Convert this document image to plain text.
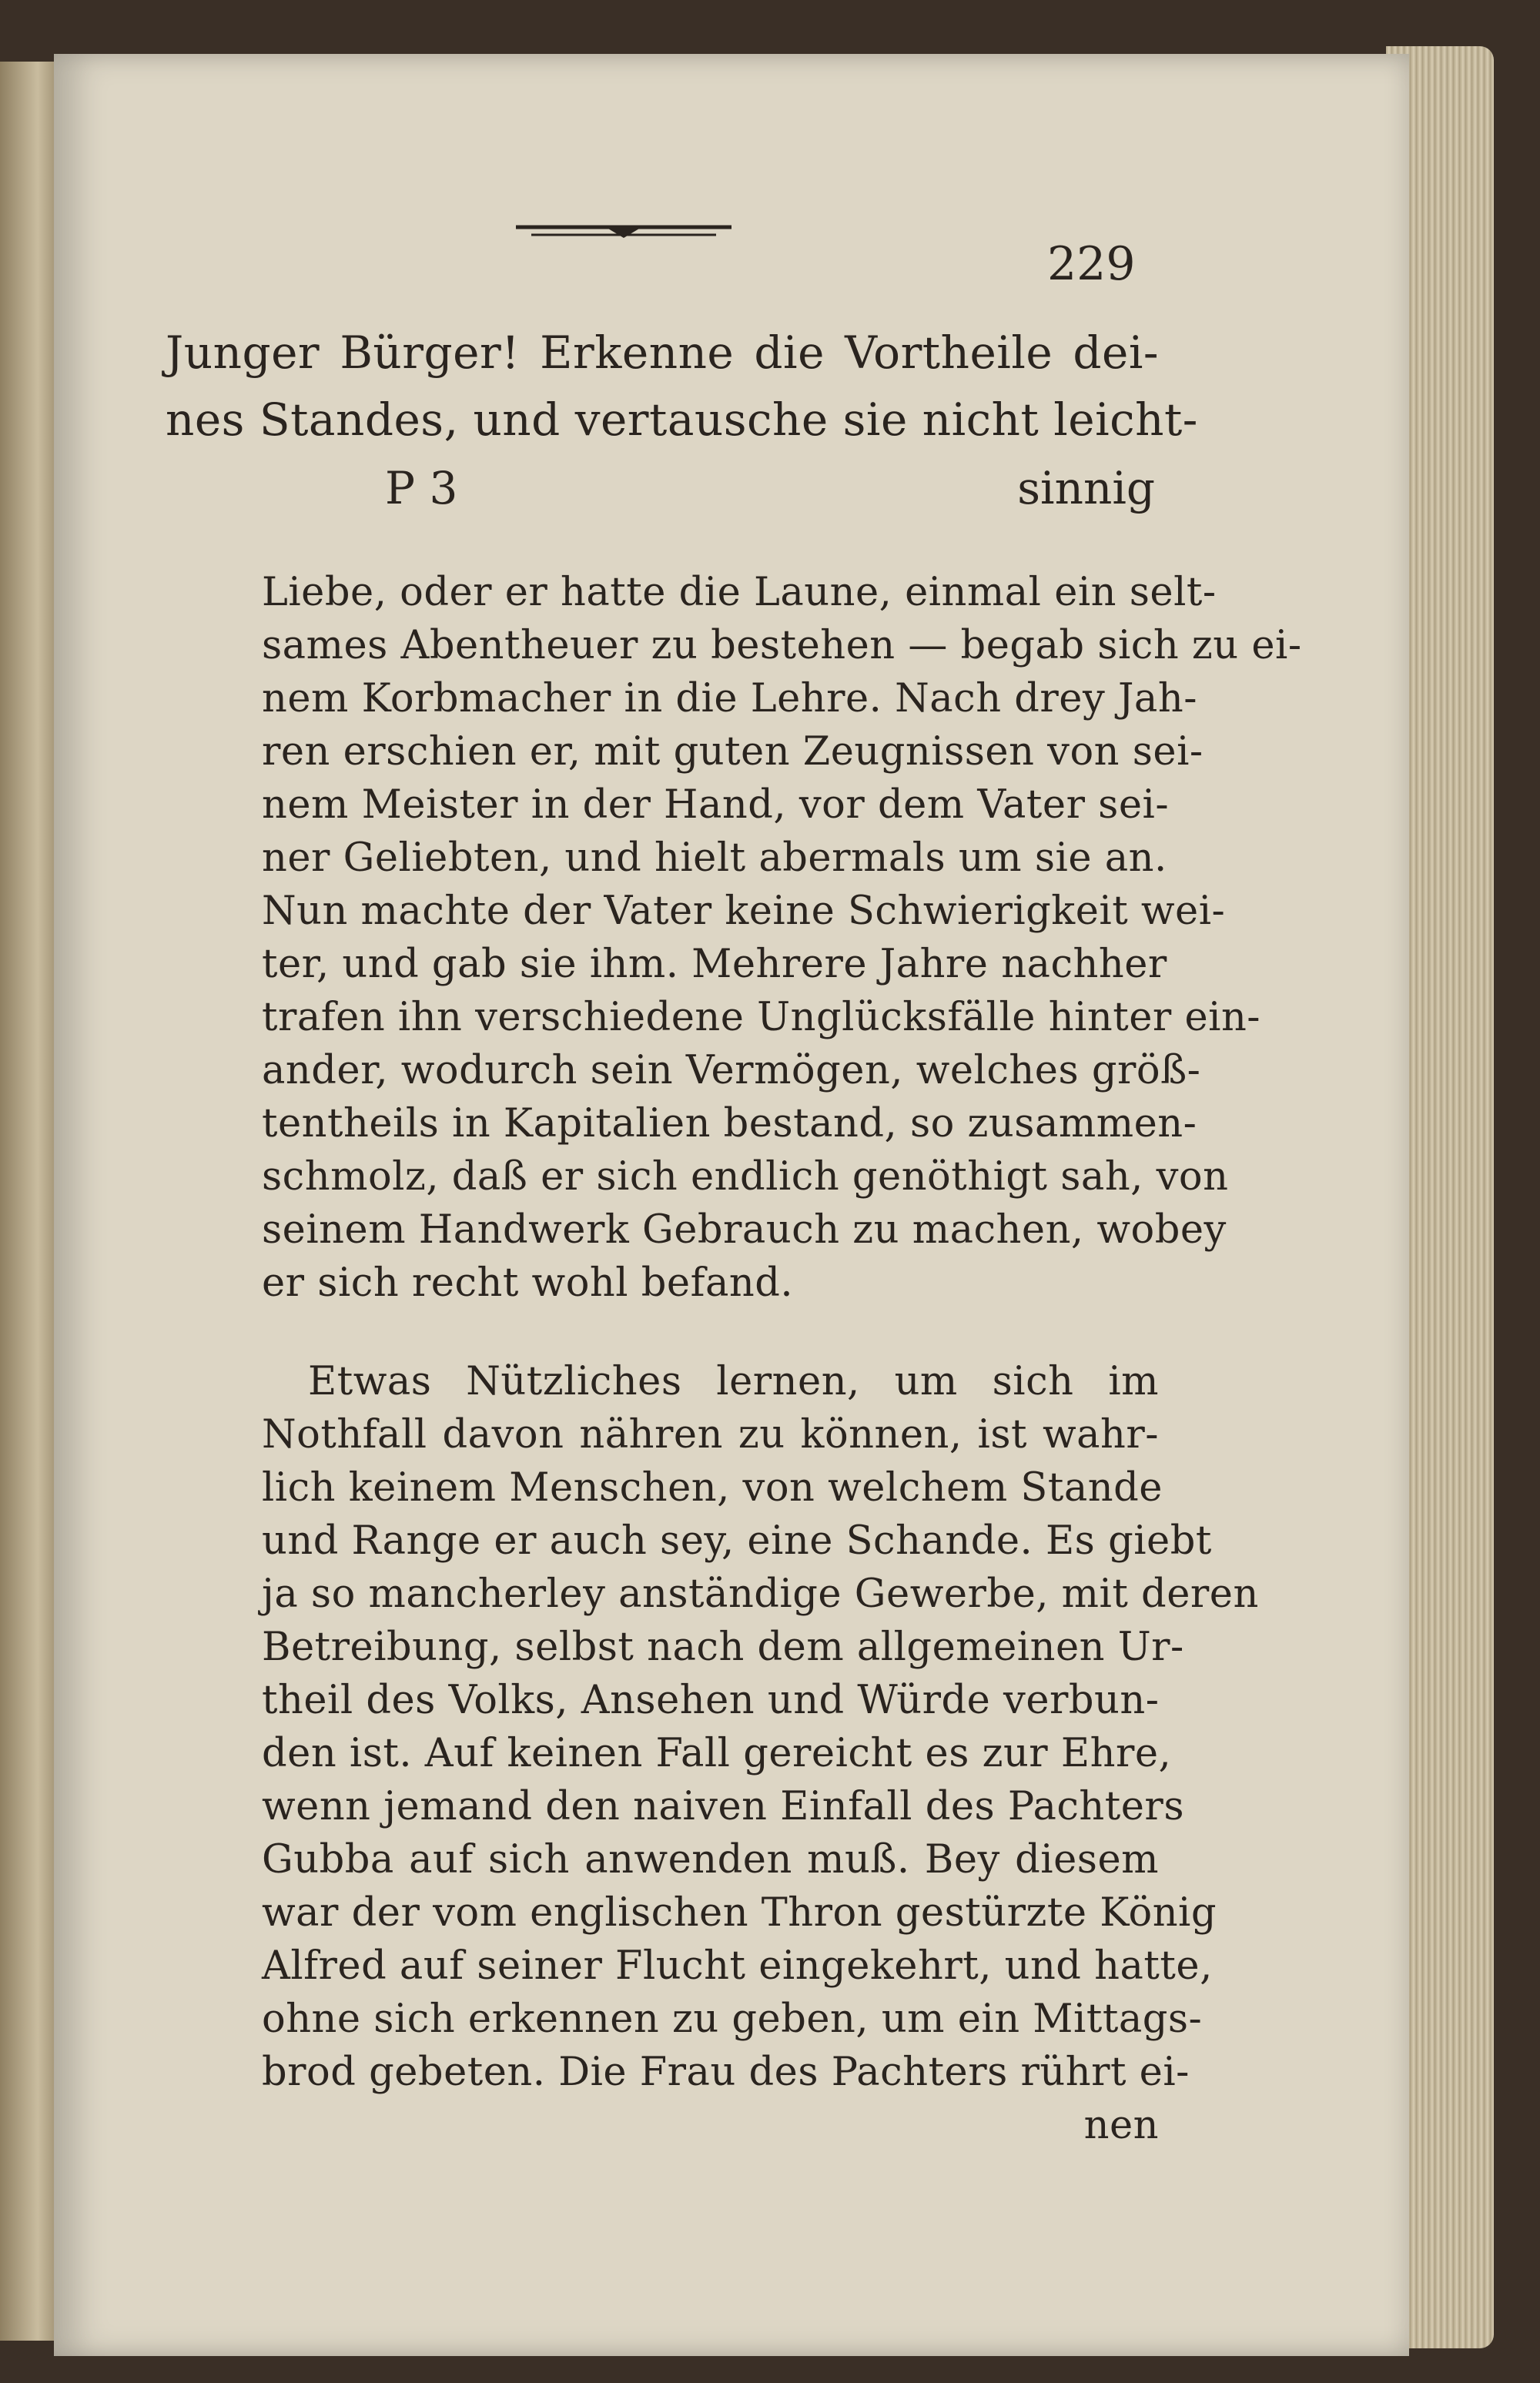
229
Junger Bürger! Erkenne die Vortheile dei-
nes Standes, und vertausche sie nicht leicht-
P 3	sinnig
Liebe, oder er hatte die Laune, einmal ein selt-
sames Abentheuer zu bestehen — begab sich zu ei-
nem Korbmacher in die Lehre. Nach drey Jah-
ren erschien er, mit guten Zeugnissen von sei-
nem Meister in der Hand, vor dem Vater sei-
ner Geliebten, und hielt abermals um sie an.
Nun machte der Vater keine Schwierigkeit wei-
ter, und gab sie ihm. Mehrere Jahre nachher
trafen ihn verschiedene Unglücksfälle hinter ein-
ander, wodurch sein Vermögen, welches größ-
tentheils in Kapitalien bestand, so zusammen-
schmolz, daß er sich endlich genöthigt sah, von
seinem Handwerk Gebrauch zu machen, wobey
er sich recht wohl befand.
Etwas Nützliches lernen, um sich im
Nothfall davon nähren zu können, ist wahr-
lich keinem Menschen, von welchem Stande
und Range er auch sey, eine Schande. Es giebt
ja so mancherley anständige Gewerbe, mit deren
Betreibung, selbst nach dem allgemeinen Ur-
theil des Volks, Ansehen und Würde verbun-
den ist. Auf keinen Fall gereicht es zur Ehre,
wenn jemand den naiven Einfall des Pachters
Gubba auf sich anwenden muß. Bey diesem
war der vom englischen Thron gestürzte König
Alfred auf seiner Flucht eingekehrt, und hatte,
ohne sich erkennen zu geben, um ein Mittags-
brod gebeten. Die Frau des Pachters rührt ei-
nen
